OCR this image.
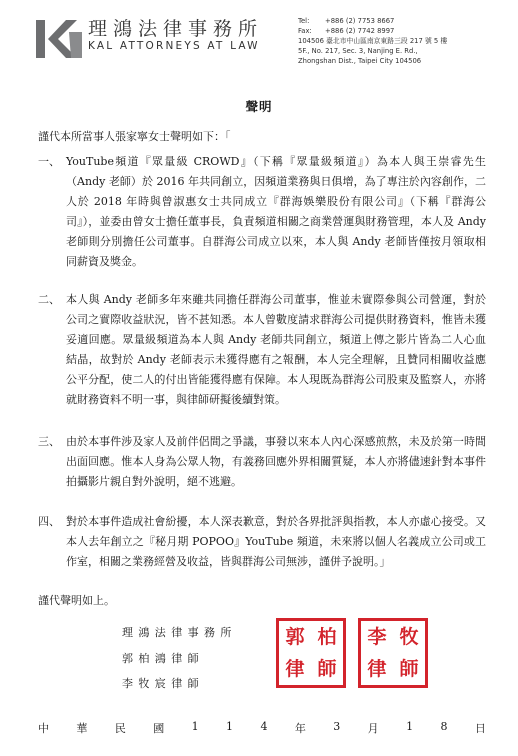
理鴻法律事務所
KAL ATTORNEYS AT LAW
Tel: +886 (2) 7753 8667
Fax: +886 (2) 7742 8997
104506 臺北市中山區南京東路三段 217 號 5 樓
5F., No. 217, Sec. 3, Nanjing E. Rd.,
Zhongshan Dist., Taipei City 104506
聲明
謹代本所當事人張家寧女士聲明如下：「
一、 YouTube頻道『眾量級 CROWD』（下稱『眾量級頻道』）為本人與王崇睿先生（Andy 老師）於 2016 年共同創立，因頻道業務與日俱增，為了專注於內容創作，二人於 2018 年時與曾淑惠女士共同成立『群海娛樂股份有限公司』（下稱『群海公司』），並委由曾女士擔任董事長，負責頻道相關之商業營運與財務管理，本人及 Andy 老師則分別擔任公司董事。自群海公司成立以來，本人與 Andy 老師皆僅按月領取相同薪資及獎金。
二、 本人與 Andy 老師多年來雖共同擔任群海公司董事，惟並未實際參與公司營運，對於公司之實際收益狀況，皆不甚知悉。本人曾數度請求群海公司提供財務資料，惟皆未獲妥適回應。眾量級頻道為本人與 Andy 老師共同創立，頻道上傳之影片皆為二人心血結晶，故對於 Andy 老師表示未獲得應有之報酬，本人完全理解，且贊同相關收益應公平分配，使二人的付出皆能獲得應有保障。本人現既為群海公司股東及監察人，亦將就財務資料不明一事，與律師研擬後續對策。
三、 由於本事件涉及家人及前伴侶間之爭議，事發以來本人內心深感煎熬，未及於第一時間出面回應。惟本人身為公眾人物，有義務回應外界相關質疑，本人亦將儘速針對本事件拍攝影片親自對外說明，絕不逃避。
四、 對於本事件造成社會紛擾，本人深表歉意，對於各界批評與指教，本人亦虛心接受。又本人去年創立之『秘月期 POPOO』YouTube 頻道，未來將以個人名義成立公司或工作室，相關之業務經營及收益，皆與群海公司無涉，謹併予說明。」
謹代聲明如上。
理鴻法律事務所
郭柏鴻律師
李牧宸律師
郭 柏
律 師
李 牧
律 師
中 華 民 國 1 1 4 年 3 月 1 8 日
